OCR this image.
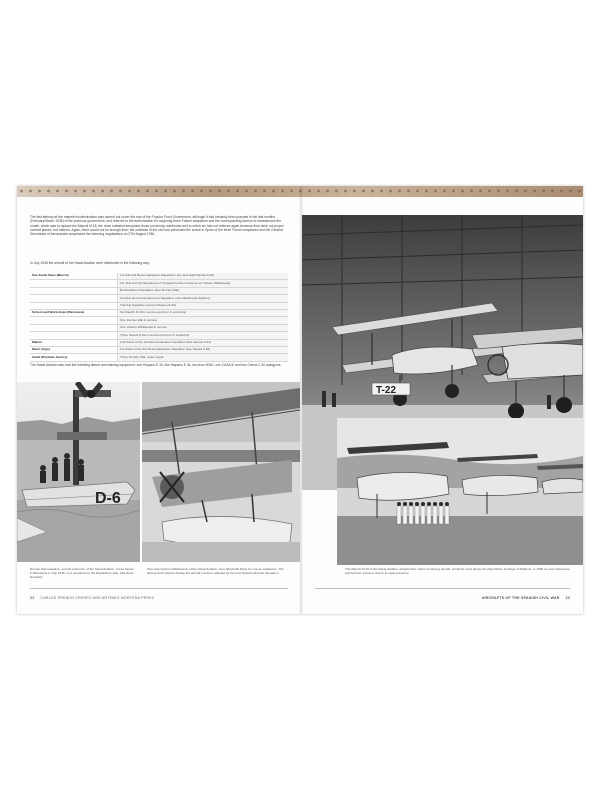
The last attempt at the materiel modernization was carried out under the rule of the Popular Front Government, although it had certainly been planned in the last months (February/March 1936) of the previous government, and referred to the authorization for acquiring three Fokker seaplanes and the corresponding license to manufacture the model, which was to replace the Macchi M.18, the most outdated aeroplane those previously mentioned and to which we had not referred again because they were not proper combat planes, but trainers. Again, there would not be enough time: the outbreak of the civil war prevented the arrival in Spain of the three French seaplanes and the General Directorate of Aeronautics suspended the licensing negotiations on 27th August 1936.

In July 1936 the aircraft of the Naval Aviation were distributed in the following way:

San Javier Base (Murcia)	1st and 2nd Reconnaissance Squadrons (ten and eight Savoia S.62)
	1st, 2nd and 3rd Squadrons of Torpedo bombers (twenty-six Vickers Wildebeest)
	Bombardment Squadron (four Dornier Wal)
	Combat and Accompaniment Squadron (nine Martinsyde fighters)
	Training Squadron (seven Hispano E.30)
School and Workshops (Barcelona)	Six Macchi M.18 in service and four in workshop
	One Dornier Wal in service
	One Vickers Wildebeest in service
	Three Savoia S.62 in service and four in workshop
Mahón	2nd Patrol of the 1st Reconnaissance Squadron (five Savoia S.62)
Marín (Vigo)	1st Patrol of the 3rd Reconnaissance Squadron (five Savoia S.62)
Cádiz (Puntales factory)	Three Dornier Wal, under repair

The Naval Aviation also had the following liaison and training equipment: one Hispano E.30, five Hispano E.34, two Avro 504K, one CASA III and two Cierva C.30 autogyros.

D-6

Dornier Wal seaplane, aircraft code D-6, of the Naval Aviation. It was based in Barcelona in July 1936, so it remained on the Republican side. (Via Zona Ecuador)

Two-seat Vickers Wildebeests of the Naval Aviation, here fitted with floats for use as seaplanes. The factory-fresh photos display the aircraft numbers adopted by the 2nd Torpedo Bomber Squadron.

22 CARLOS PRENDO CRESPO AND ARTEMIO MORTERA PEREZ
T-22

The Macchi M.18 of the Naval Aviation, despite their status of training aircraft, would be used during the Republican landings of Mallorca, in 1936 as reconnaissance and bomber missions due to its wide presence.

AIRCRAFTS OF THE SPANISH CIVIL WAR 23
